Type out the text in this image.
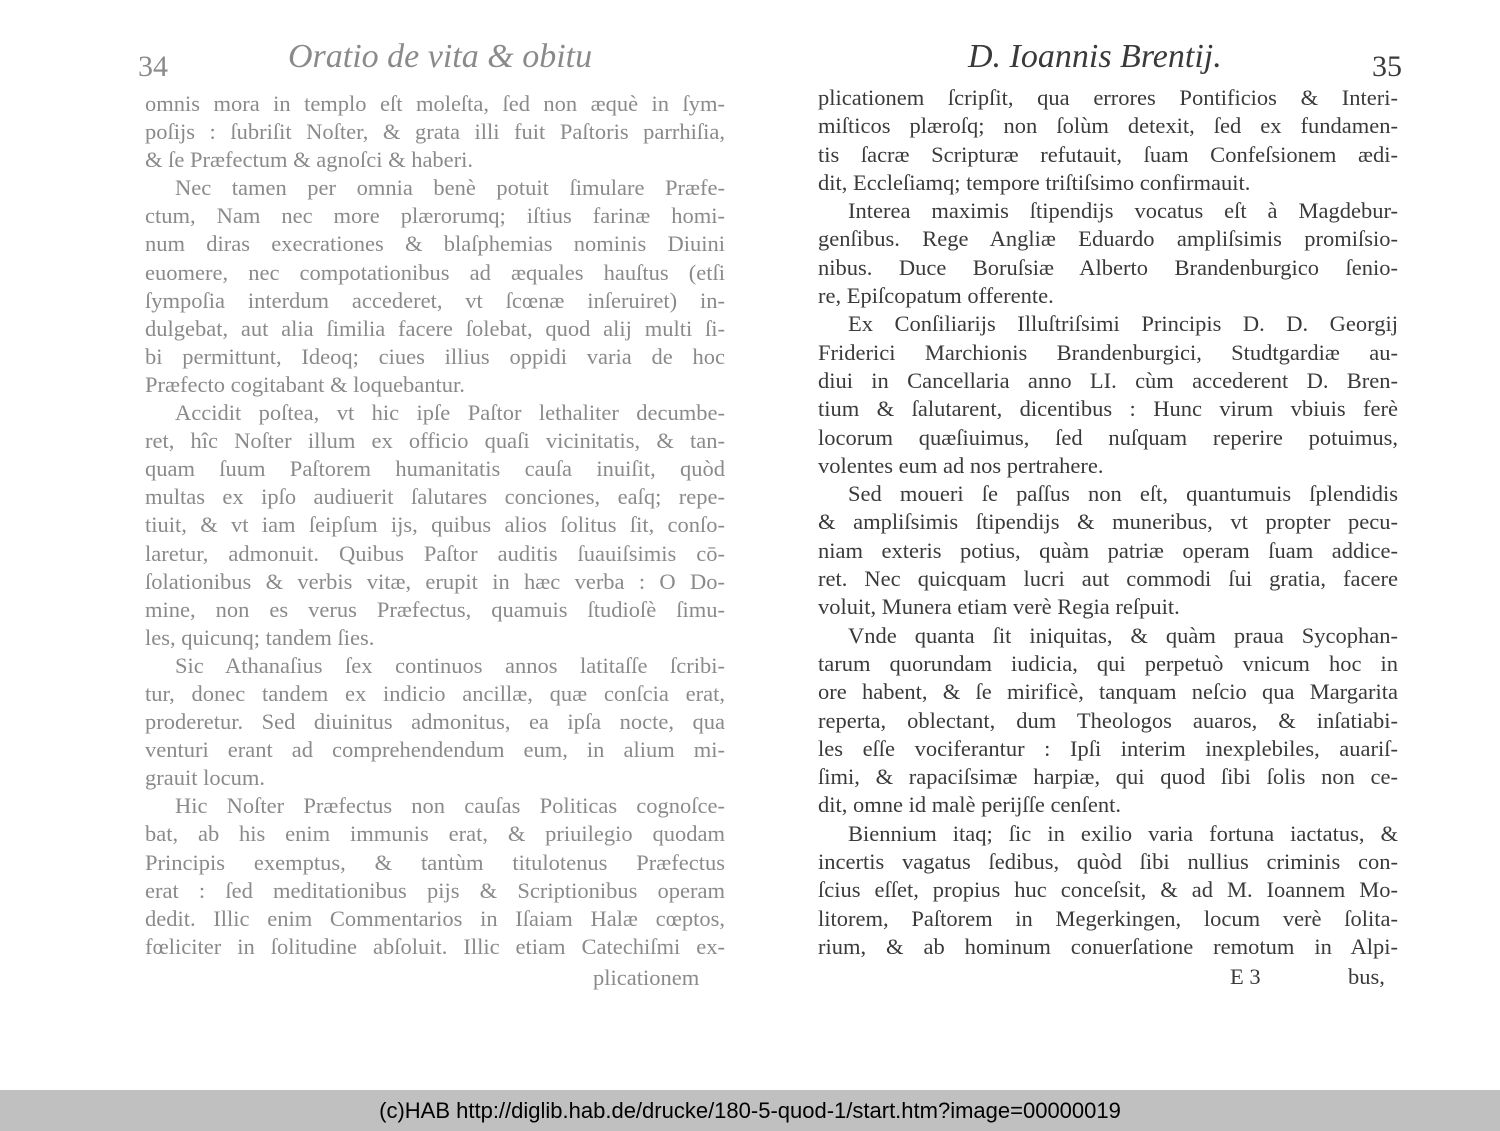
34	Oratio de vita & obitu
omnis mora in templo eſt moleſta, ſed non æquè in ſym-
poſijs : ſubriſit Noſter, & grata illi fuit Paſtoris parrhiſia,
& ſe Præfectum & agnoſci & haberi.
Nec tamen per omnia benè potuit ſimulare Præfe-
ctum, Nam nec more plærorumq; iſtius farinæ homi-
num diras execrationes & blaſphemias nominis Diuini
euomere, nec compotationibus ad æquales hauſtus (etſi
ſympoſia interdum accederet, vt ſcœnæ inſeruiret) in-
dulgebat, aut alia ſimilia facere ſolebat, quod alij multi ſi-
bi permittunt, Ideoq; ciues illius oppidi varia de hoc
Præfecto cogitabant & loquebantur.
Accidit poſtea, vt hic ipſe Paſtor lethaliter decumbe-
ret, hîc Noſter illum ex officio quaſi vicinitatis, & tan-
quam ſuum Paſtorem humanitatis cauſa inuiſit, quòd
multas ex ipſo audiuerit ſalutares conciones, eaſq; repe-
tiuit, & vt iam ſeipſum ijs, quibus alios ſolitus ſit, conſo-
laretur, admonuit. Quibus Paſtor auditis ſuauiſsimis cō-
ſolationibus & verbis vitæ, erupit in hæc verba : O Do-
mine, non es verus Præfectus, quamuis ſtudioſè ſimu-
les, quicunq; tandem ſies.
Sic Athanaſius ſex continuos annos latitaſſe ſcribi-
tur, donec tandem ex indicio ancillæ, quæ conſcia erat,
proderetur. Sed diuinitus admonitus, ea ipſa nocte, qua
venturi erant ad comprehendendum eum, in alium mi-
grauit locum.
Hic Noſter Præfectus non cauſas Politicas cognoſce-
bat, ab his enim immunis erat, & priuilegio quodam
Principis exemptus, & tantùm titulotenus Præfectus
erat : ſed meditationibus pijs & Scriptionibus operam
dedit. Illic enim Commentarios in Iſaiam Halæ cœptos,
fœliciter in ſolitudine abſoluit. Illic etiam Catechiſmi ex-
plicationem
D. Ioannis Brentij.	35
plicationem ſcripſit, qua errores Pontificios & Interi-
miſticos plæroſq; non ſolùm detexit, ſed ex fundamen-
tis ſacræ Scripturæ refutauit, ſuam Confeſsionem ædi-
dit, Eccleſiamq; tempore triſtiſsimo confirmauit.
Interea maximis ſtipendijs vocatus eſt à Magdebur-
genſibus. Rege Angliæ Eduardo ampliſsimis promiſsio-
nibus. Duce Boruſsiæ Alberto Brandenburgico ſenio-
re, Epiſcopatum offerente.
Ex Conſiliarijs Illuſtriſsimi Principis D. D. Georgij
Friderici Marchionis Brandenburgici, Studtgardiæ au-
diui in Cancellaria anno LI. cùm accederent D. Bren-
tium & ſalutarent, dicentibus : Hunc virum vbiuis ferè
locorum quæſiuimus, ſed nuſquam reperire potuimus,
volentes eum ad nos pertrahere.
Sed moueri ſe paſſus non eſt, quantumuis ſplendidis
& ampliſsimis ſtipendijs & muneribus, vt propter pecu-
niam exteris potius, quàm patriæ operam ſuam addice-
ret. Nec quicquam lucri aut commodi ſui gratia, facere
voluit, Munera etiam verè Regia reſpuit.
Vnde quanta ſit iniquitas, & quàm praua Sycophan-
tarum quorundam iudicia, qui perpetuò vnicum hoc in
ore habent, & ſe mirificè, tanquam neſcio qua Margarita
reperta, oblectant, dum Theologos auaros, & inſatiabi-
les eſſe vociferantur : Ipſi interim inexplebiles, auariſ-
ſimi, & rapaciſsimæ harpiæ, qui quod ſibi ſolis non ce-
dit, omne id malè perijſſe cenſent.
Biennium itaq; ſic in exilio varia fortuna iactatus, &
incertis vagatus ſedibus, quòd ſibi nullius criminis con-
ſcius eſſet, propius huc conceſsit, & ad M. Ioannem Mo-
litorem, Paſtorem in Megerkingen, locum verè ſolita-
rium, & ab hominum conuerſatione remotum in Alpi-
E 3	bus,
(c)HAB http://diglib.hab.de/drucke/180-5-quod-1/start.htm?image=00000019
